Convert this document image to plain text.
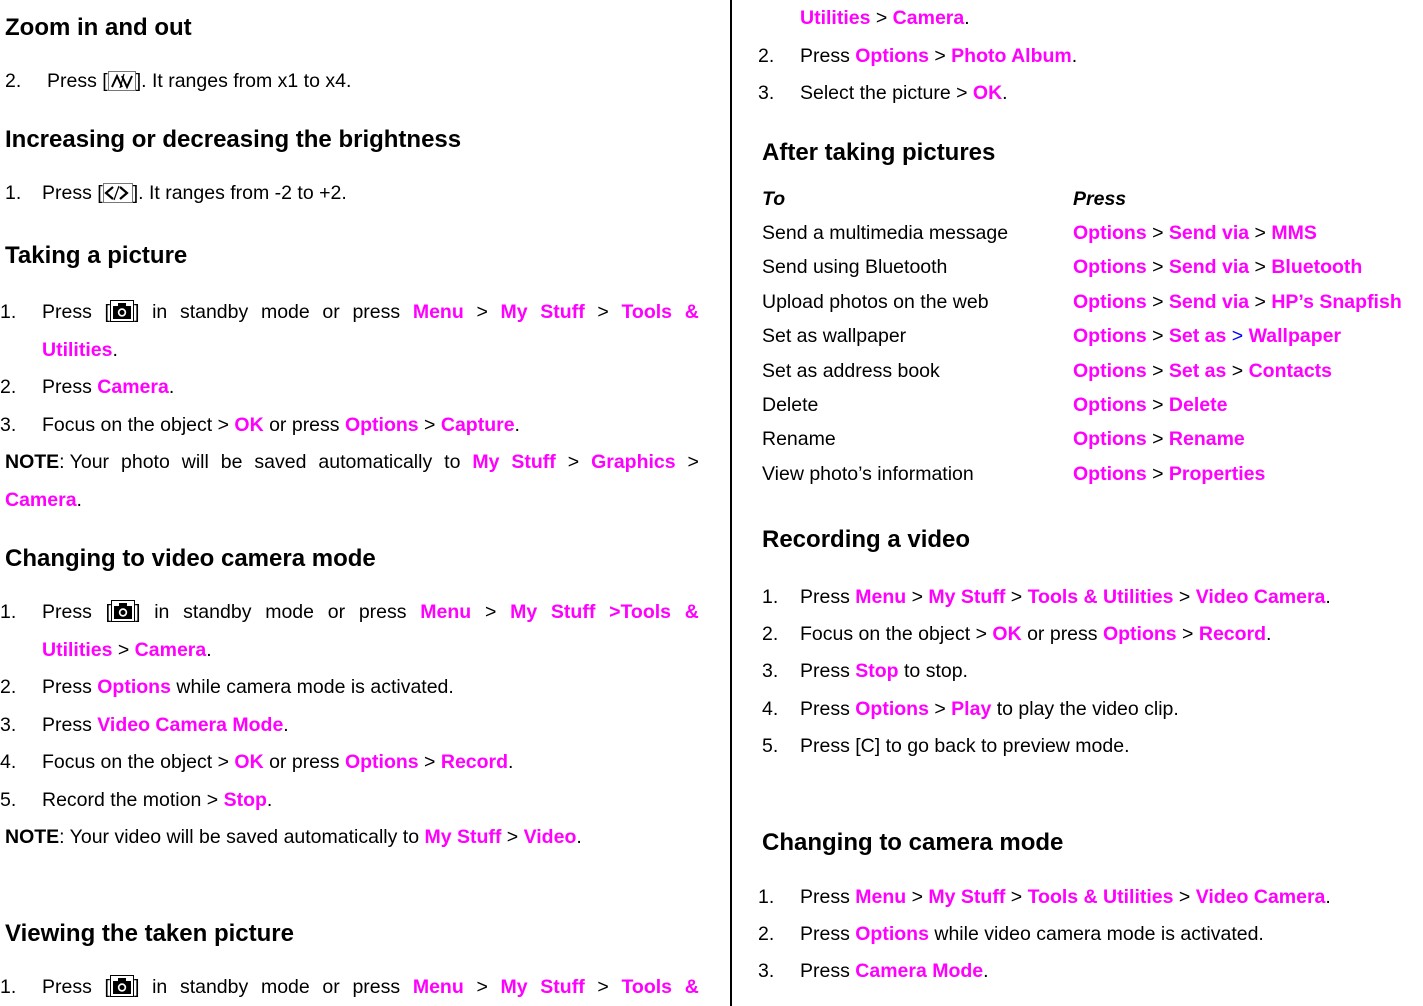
Zoom in and out
2. Press [ ]. It ranges from x1 to x4.
Increasing or decreasing the brightness
1. Press [ ]. It ranges from -2 to +2.
Taking a picture
1. Press [ ] in standby mode or press Menu > My Stuff > Tools &
Utilities.
2. Press Camera.
3. Focus on the object > OK or press Options > Capture.
NOTE: Your photo will be saved automatically to My Stuff > Graphics >
Camera.
Changing to video camera mode
1. Press [ ] in standby mode or press Menu > My Stuff >Tools &
Utilities > Camera.
2. Press Options while camera mode is activated.
3. Press Video Camera Mode.
4. Focus on the object > OK or press Options > Record.
5. Record the motion > Stop.
NOTE: Your video will be saved automatically to My Stuff > Video.
Viewing the taken picture
1. Press [ ] in standby mode or press Menu > My Stuff > Tools &
Utilities > Camera.
2. Press Options > Photo Album.
3. Select the picture > OK.
After taking pictures
To	Press
Send a multimedia message	Options > Send via > MMS
Send using Bluetooth	Options > Send via > Bluetooth
Upload photos on the web	Options > Send via > HP’s Snapfish
Set as wallpaper	Options > Set as > Wallpaper
Set as address book	Options > Set as > Contacts
Delete	Options > Delete
Rename	Options > Rename
View photo’s information	Options > Properties
Recording a video
1. Press Menu > My Stuff > Tools & Utilities > Video Camera.
2. Focus on the object > OK or press Options > Record.
3. Press Stop to stop.
4. Press Options > Play to play the video clip.
5. Press [C] to go back to preview mode.
Changing to camera mode
1. Press Menu > My Stuff > Tools & Utilities > Video Camera.
2. Press Options while video camera mode is activated.
3. Press Camera Mode.
